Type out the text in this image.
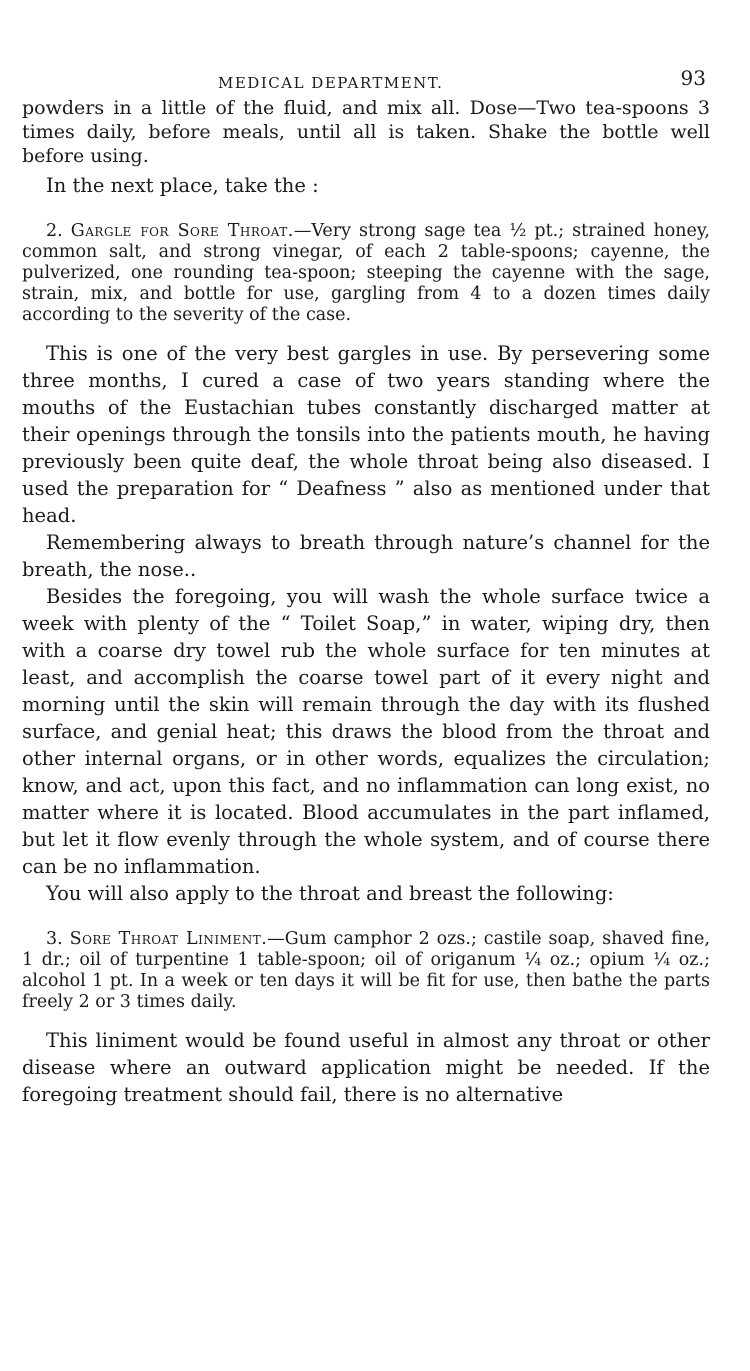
MEDICAL DEPARTMENT.	93

powders in a little of the fluid, and mix all. Dose—Two tea-spoons 3 times daily, before meals, until all is taken. Shake the bottle well before using.

In the next place, take the :

2. Gargle for Sore Throat.—Very strong sage tea ½ pt.; strained honey, common salt, and strong vinegar, of each 2 table-spoons; cayenne, the pulverized, one rounding tea-spoon; steeping the cayenne with the sage, strain, mix, and bottle for use, gargling from 4 to a dozen times daily according to the severity of the case.

This is one of the very best gargles in use. By persevering some three months, I cured a case of two years standing where the mouths of the Eustachian tubes constantly discharged matter at their openings through the tonsils into the patients mouth, he having previously been quite deaf, the whole throat being also diseased. I used the preparation for “ Deafness ” also as mentioned under that head.

Remembering always to breath through nature’s channel for the breath, the nose..

Besides the foregoing, you will wash the whole surface twice a week with plenty of the “ Toilet Soap,” in water, wiping dry, then with a coarse dry towel rub the whole surface for ten minutes at least, and accomplish the coarse towel part of it every night and morning until the skin will remain through the day with its flushed surface, and genial heat; this draws the blood from the throat and other internal organs, or in other words, equalizes the circulation; know, and act, upon this fact, and no inflammation can long exist, no matter where it is located. Blood accumulates in the part inflamed, but let it flow evenly through the whole system, and of course there can be no inflammation.

You will also apply to the throat and breast the following:

3. Sore Throat Liniment.—Gum camphor 2 ozs.; castile soap, shaved fine, 1 dr.; oil of turpentine 1 table-spoon; oil of origanum ¼ oz.; opium ¼ oz.; alcohol 1 pt. In a week or ten days it will be fit for use, then bathe the parts freely 2 or 3 times daily.

This liniment would be found useful in almost any throat or other disease where an outward application might be needed. If the foregoing treatment should fail, there is no alternative
